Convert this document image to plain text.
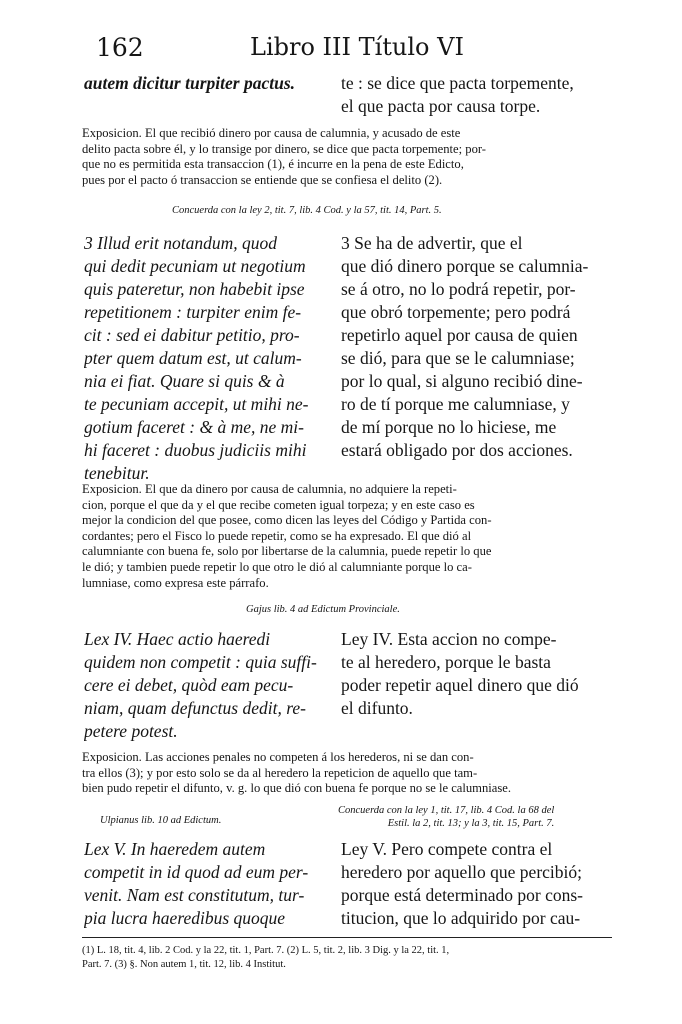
162	Libro III Título VI
autem dicitur turpiter pactus.	te : se dice que pacta torpemente,
el que pacta por causa torpe.
Exposicion. El que recibió dinero por causa de calumnia, y acusado de este
delito pacta sobre él, y lo transige por dinero, se dice que pacta torpemente; por-
que no es permitida esta transaccion (1), é incurre en la pena de este Edicto,
pues por el pacto ó transaccion se entiende que se confiesa el delito (2).
Concuerda con la ley 2, tit. 7, lib. 4 Cod. y la 57, tit. 14, Part. 5.
3 Illud erit notandum, quod
qui dedit pecuniam ut negotium
quis pateretur, non habebit ipse
repetitionem : turpiter enim fe-
cit : sed ei dabitur petitio, pro-
pter quem datum est, ut calum-
nia ei fiat. Quare si quis & à
te pecuniam accepit, ut mihi ne-
gotium faceret : & à me, ne mi-
hi faceret : duobus judiciis mihi
tenebitur.
3 Se ha de advertir, que el
que dió dinero porque se calumnia-
se á otro, no lo podrá repetir, por-
que obró torpemente; pero podrá
repetirlo aquel por causa de quien
se dió, para que se le calumniase;
por lo qual, si alguno recibió dine-
ro de tí porque me calumniase, y
de mí porque no lo hiciese, me
estará obligado por dos acciones.
Exposicion. El que da dinero por causa de calumnia, no adquiere la repeti-
cion, porque el que da y el que recibe cometen igual torpeza; y en este caso es
mejor la condicion del que posee, como dicen las leyes del Código y Partida con-
cordantes; pero el Fisco lo puede repetir, como se ha expresado. El que dió al
calumniante con buena fe, solo por libertarse de la calumnia, puede repetir lo que
le dió; y tambien puede repetir lo que otro le dió al calumniante porque lo ca-
lumniase, como expresa este párrafo.
Gajus lib. 4 ad Edictum Provinciale.
Lex IV. Haec actio haeredi
quidem non competit : quia suffi-
cere ei debet, quòd eam pecu-
niam, quam defunctus dedit, re-
petere potest.
Ley IV. Esta accion no compe-
te al heredero, porque le basta
poder repetir aquel dinero que dió
el difunto.
Exposicion. Las acciones penales no competen á los herederos, ni se dan con-
tra ellos (3); y por esto solo se da al heredero la repeticion de aquello que tam-
bien pudo repetir el difunto, v. g. lo que dió con buena fe porque no se le calumniase.
Ulpianus lib. 10 ad Edictum.
Concuerda con la ley 1, tit. 17, lib. 4 Cod. la 68 del
Estil. la 2, tit. 13; y la 3, tit. 15, Part. 7.
Lex V. In haeredem autem
competit in id quod ad eum per-
venit. Nam est constitutum, tur-
pia lucra haeredibus quoque
Ley V. Pero compete contra el
heredero por aquello que percibió;
porque está determinado por cons-
titucion, que lo adquirido por cau-
(1) L. 18, tit. 4, lib. 2 Cod. y la 22, tit. 1, Part. 7. (2) L. 5, tit. 2, lib. 3 Dig. y la 22, tit. 1,
Part. 7. (3) §. Non autem 1, tit. 12, lib. 4 Institut.
